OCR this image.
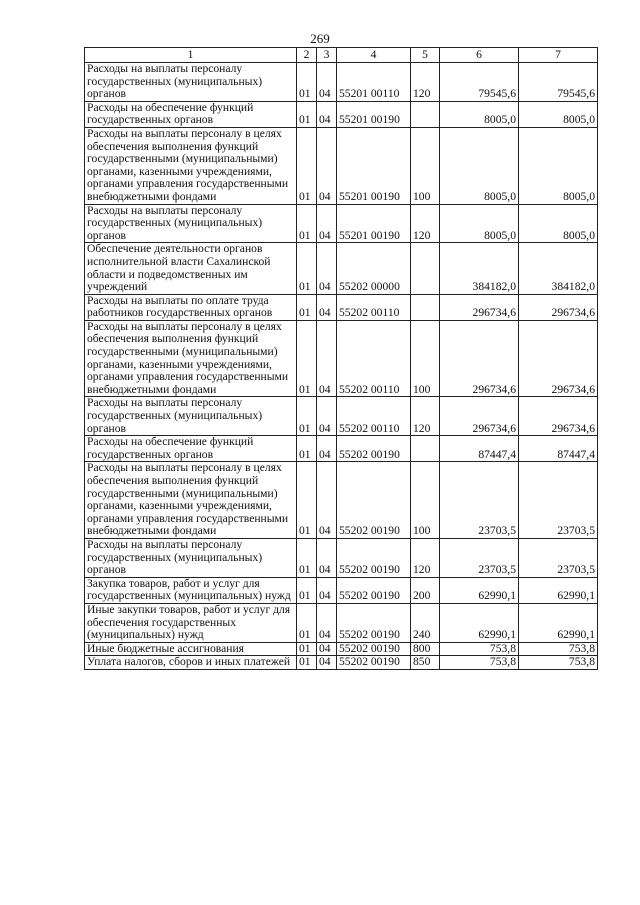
269
1	2	3	4	5	6	7
Расходы на выплаты персоналу государственных (муниципальных) органов	01	04	55201 00110	120	79545,6	79545,6
Расходы на обеспечение функций государственных органов	01	04	55201 00190		8005,0	8005,0
Расходы на выплаты персоналу в целях обеспечения выполнения функций государственными (муниципальными) органами, казенными учреждениями, органами управления государственными внебюджетными фондами	01	04	55201 00190	100	8005,0	8005,0
Расходы на выплаты персоналу государственных (муниципальных) органов	01	04	55201 00190	120	8005,0	8005,0
Обеспечение деятельности органов исполнительной власти Сахалинской области и подведомственных им учреждений	01	04	55202 00000		384182,0	384182,0
Расходы на выплаты по оплате труда работников государственных органов	01	04	55202 00110		296734,6	296734,6
Расходы на выплаты персоналу в целях обеспечения выполнения функций государственными (муниципальными) органами, казенными учреждениями, органами управления государственными внебюджетными фондами	01	04	55202 00110	100	296734,6	296734,6
Расходы на выплаты персоналу государственных (муниципальных) органов	01	04	55202 00110	120	296734,6	296734,6
Расходы на обеспечение функций государственных органов	01	04	55202 00190		87447,4	87447,4
Расходы на выплаты персоналу в целях обеспечения выполнения функций государственными (муниципальными) органами, казенными учреждениями, органами управления государственными внебюджетными фондами	01	04	55202 00190	100	23703,5	23703,5
Расходы на выплаты персоналу государственных (муниципальных) органов	01	04	55202 00190	120	23703,5	23703,5
Закупка товаров, работ и услуг для государственных (муниципальных) нужд	01	04	55202 00190	200	62990,1	62990,1
Иные закупки товаров, работ и услуг для обеспечения государственных (муниципальных) нужд	01	04	55202 00190	240	62990,1	62990,1
Иные бюджетные ассигнования	01	04	55202 00190	800	753,8	753,8
Уплата налогов, сборов и иных платежей	01	04	55202 00190	850	753,8	753,8
